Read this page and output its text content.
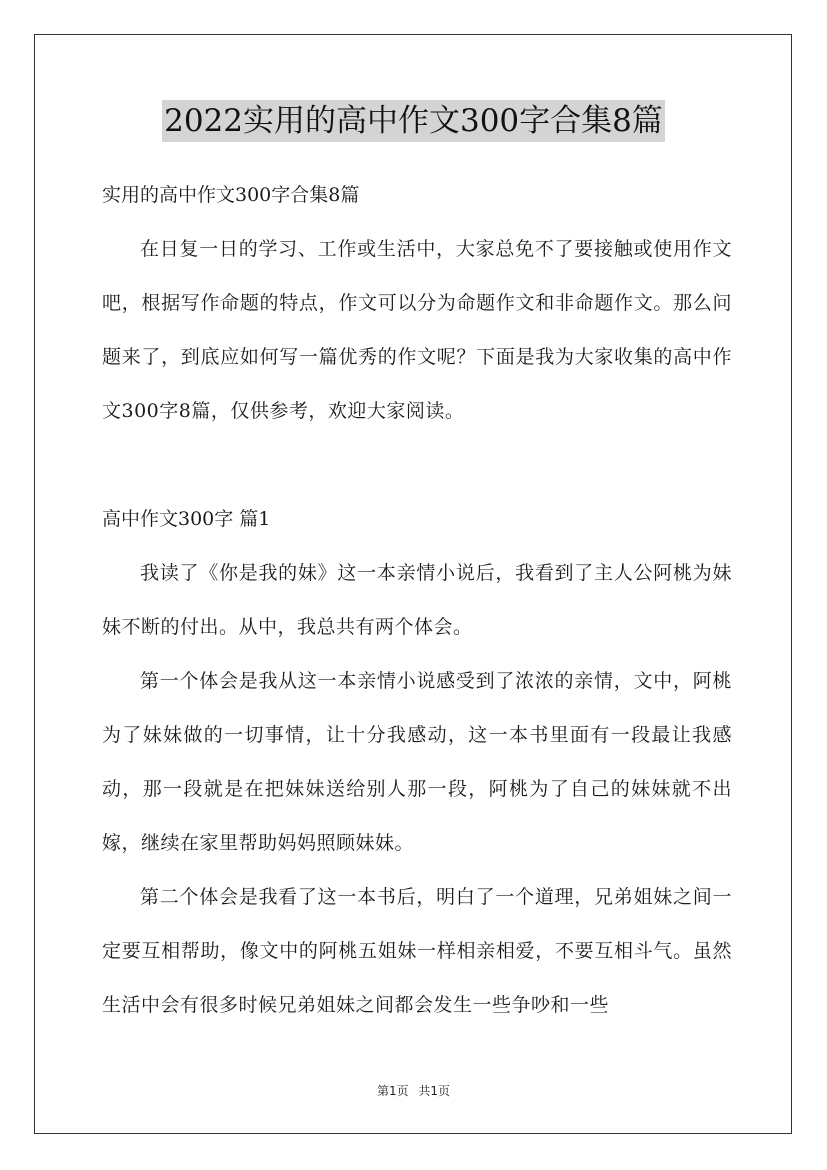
2022实用的高中作文300字合集8篇
实用的高中作文300字合集8篇

在日复一日的学习、工作或生活中，大家总免不了要接触或使用作文吧，根据写作命题的特点，作文可以分为命题作文和非命题作文。那么问题来了，到底应如何写一篇优秀的作文呢？下面是我为大家收集的高中作文300字8篇，仅供参考，欢迎大家阅读。

高中作文300字 篇1

我读了《你是我的妹》这一本亲情小说后，我看到了主人公阿桃为妹妹不断的付出。从中，我总共有两个体会。

第一个体会是我从这一本亲情小说感受到了浓浓的亲情，文中，阿桃为了妹妹做的一切事情，让十分我感动，这一本书里面有一段最让我感动，那一段就是在把妹妹送给别人那一段，阿桃为了自己的妹妹就不出嫁，继续在家里帮助妈妈照顾妹妹。

第二个体会是我看了这一本书后，明白了一个道理，兄弟姐妹之间一定要互相帮助，像文中的阿桃五姐妹一样相亲相爱，不要互相斗气。虽然生活中会有很多时候兄弟姐妹之间都会发生一些争吵和一些

第1页 共1页
